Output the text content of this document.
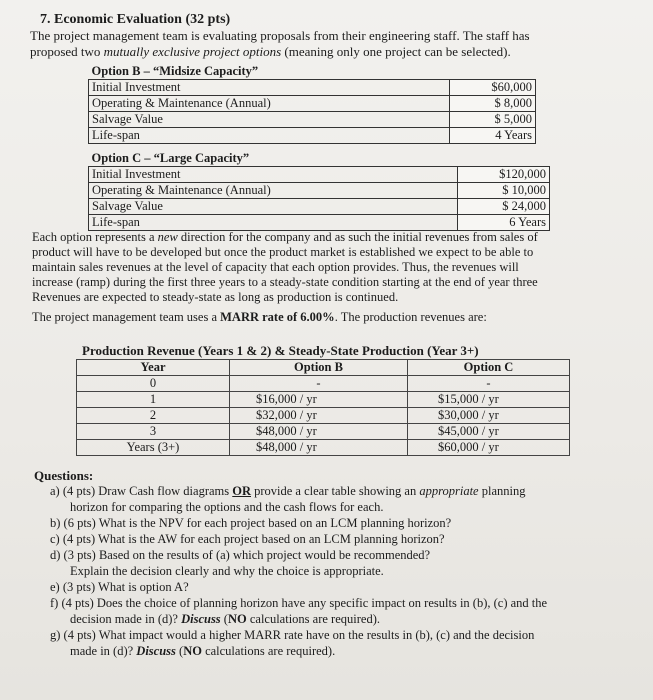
7. Economic Evaluation (32 pts)
The project management team is evaluating proposals from their engineering staff. The staff has
proposed two mutually exclusive project options (meaning only one project can be selected).
Option B – “Midsize Capacity”	
Initial Investment	$60,000
Operating & Maintenance (Annual)	$ 8,000
Salvage Value	$ 5,000
Life-span	4 Years
Option C – “Large Capacity”	
Initial Investment	$120,000
Operating & Maintenance (Annual)	$ 10,000
Salvage Value	$ 24,000
Life-span	6 Years
Each option represents a new direction for the company and as such the initial revenues from sales of
product will have to be developed but once the product market is established we expect to be able to
maintain sales revenues at the level of capacity that each option provides. Thus, the revenues will
increase (ramp) during the first three years to a steady-state condition starting at the end of year three
Revenues are expected to steady-state as long as production is continued.
The project management team uses a MARR rate of 6.00%. The production revenues are:
Production Revenue (Years 1 & 2) & Steady-State Production (Year 3+)
Year	Option B	Option C
0	-	-
1	$16,000 / yr	$15,000 / yr
2	$32,000 / yr	$30,000 / yr
3	$48,000 / yr	$45,000 / yr
Years (3+)	$48,000 / yr	$60,000 / yr
Questions:
a) (4 pts) Draw Cash flow diagrams OR provide a clear table showing an appropriate planning
horizon for comparing the options and the cash flows for each.
b) (6 pts) What is the NPV for each project based on an LCM planning horizon?
c) (4 pts) What is the AW for each project based on an LCM planning horizon?
d) (3 pts) Based on the results of (a) which project would be recommended?
Explain the decision clearly and why the choice is appropriate.
e) (3 pts) What is option A?
f) (4 pts) Does the choice of planning horizon have any specific impact on results in (b), (c) and the
decision made in (d)? Discuss (NO calculations are required).
g) (4 pts) What impact would a higher MARR rate have on the results in (b), (c) and the decision
made in (d)? Discuss (NO calculations are required).
